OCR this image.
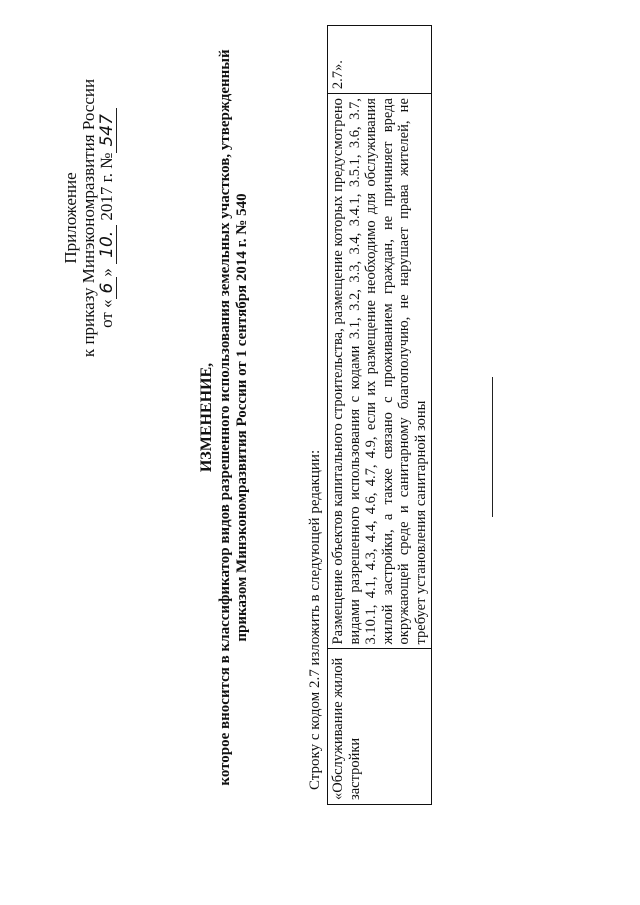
Приложение к приказу Минэкономразвития России от «6» 10. 2017 г. №547
ИЗМЕНЕНИЕ, которое вносится в классификатор видов разрешенного использования земельных участков, утвержденный приказом Минэкономразвития России от 1 сентября 2014 г. № 540	Строку с кодом 2.7 изложить в следующей редакции: «Обслуживание жилой застройки	Размещение объектов капитального строительства, размещение которых предусмотрено видами разрешенного использования с кодами 3.1, 3.2, 3.3, 3.4, 3.4.1, 3.5.1, 3.6, 3.7, 3.10.1, 4.1, 4.3, 4.4, 4.6, 4.7, 4.9, если их размещение необходимо для обслуживания жилой застройки, а также связано с проживанием граждан, не причиняет вреда окружающей среде и санитарному благополучию, не нарушает права жителей, не требует установления санитарной зоны	2.7».
